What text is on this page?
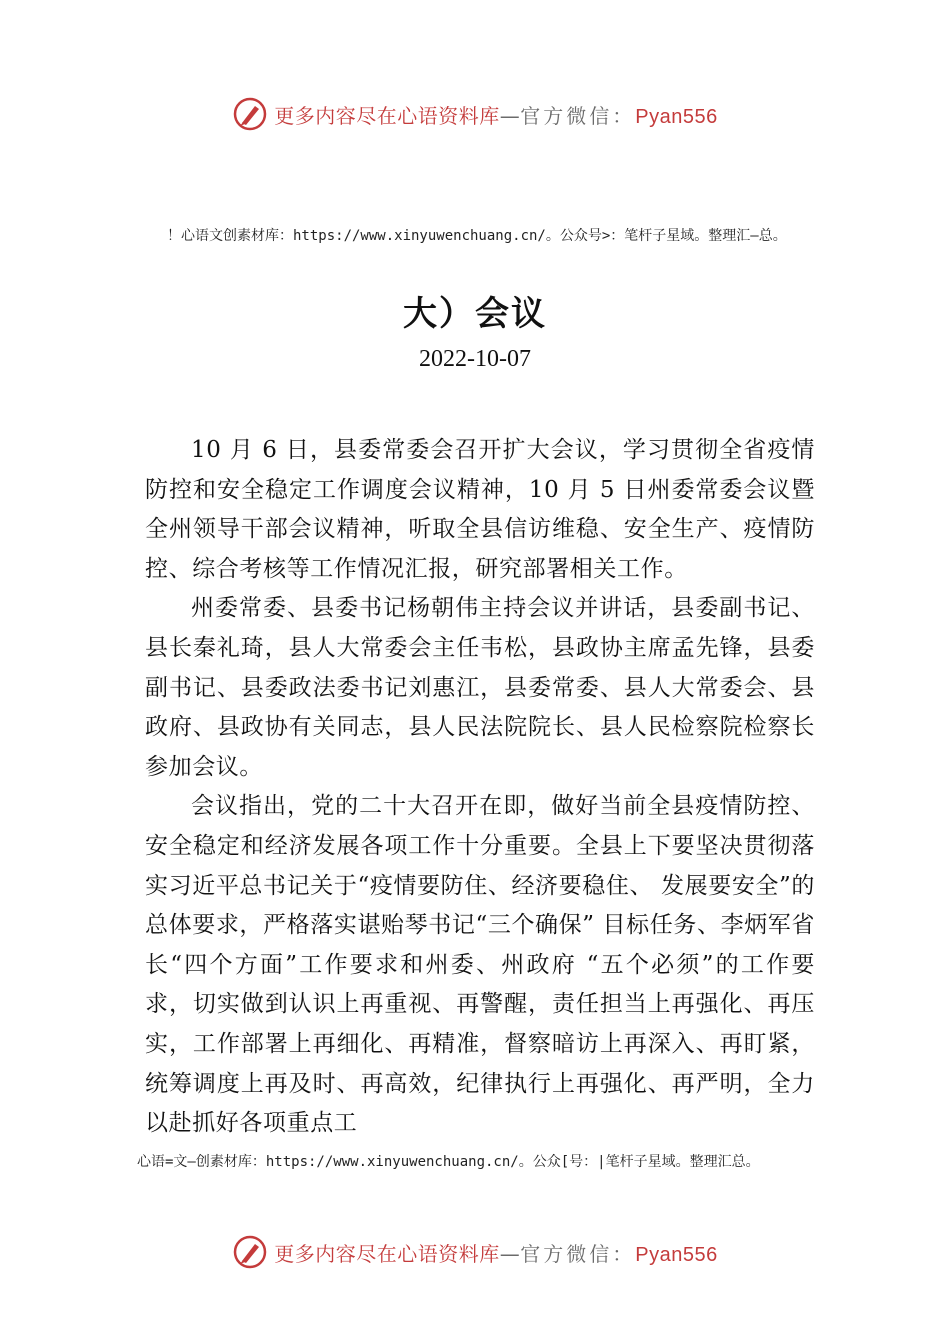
更多内容尽在心语资料库—官方微信：Pyan556
！心语文创素材库：https://www.xinyuwenchuang.cn/。公众号>：笔杆子星域。整理汇—总。
大）会议
2022-10-07

10 月 6 日，县委常委会召开扩大会议，学习贯彻全省疫情防控和安全稳定工作调度会议精神，10 月 5 日州委常委会议暨全州领导干部会议精神，听取全县信访维稳、安全生产、疫情防控、综合考核等工作情况汇报，研究部署相关工作。

州委常委、县委书记杨朝伟主持会议并讲话，县委副书记、县长秦礼琦，县人大常委会主任韦松，县政协主席孟先锋，县委副书记、县委政法委书记刘惠江，县委常委、县人大常委会、县政府、县政协有关同志，县人民法院院长、县人民检察院检察长参加会议。

会议指出，党的二十大召开在即，做好当前全县疫情防控、安全稳定和经济发展各项工作十分重要。全县上下要坚决贯彻落实习近平总书记关于“疫情要防住、经济要稳住、 发展要安全”的总体要求，严格落实谌贻琴书记“三个确保” 目标任务、李炳军省长“四个方面”工作要求和州委、州政府 “五个必须”的工作要求，切实做到认识上再重视、再警醒，责任担当上再强化、再压实，工作部署上再细化、再精准，督察暗访上再深入、再盯紧，统筹调度上再及时、再高效，纪律执行上再强化、再严明，全力以赴抓好各项重点工

心语=文—创素材库：https://www.xinyuwenchuang.cn/。公众[号：|笔杆子星域。整理汇总。
更多内容尽在心语资料库—官方微信：Pyan556
